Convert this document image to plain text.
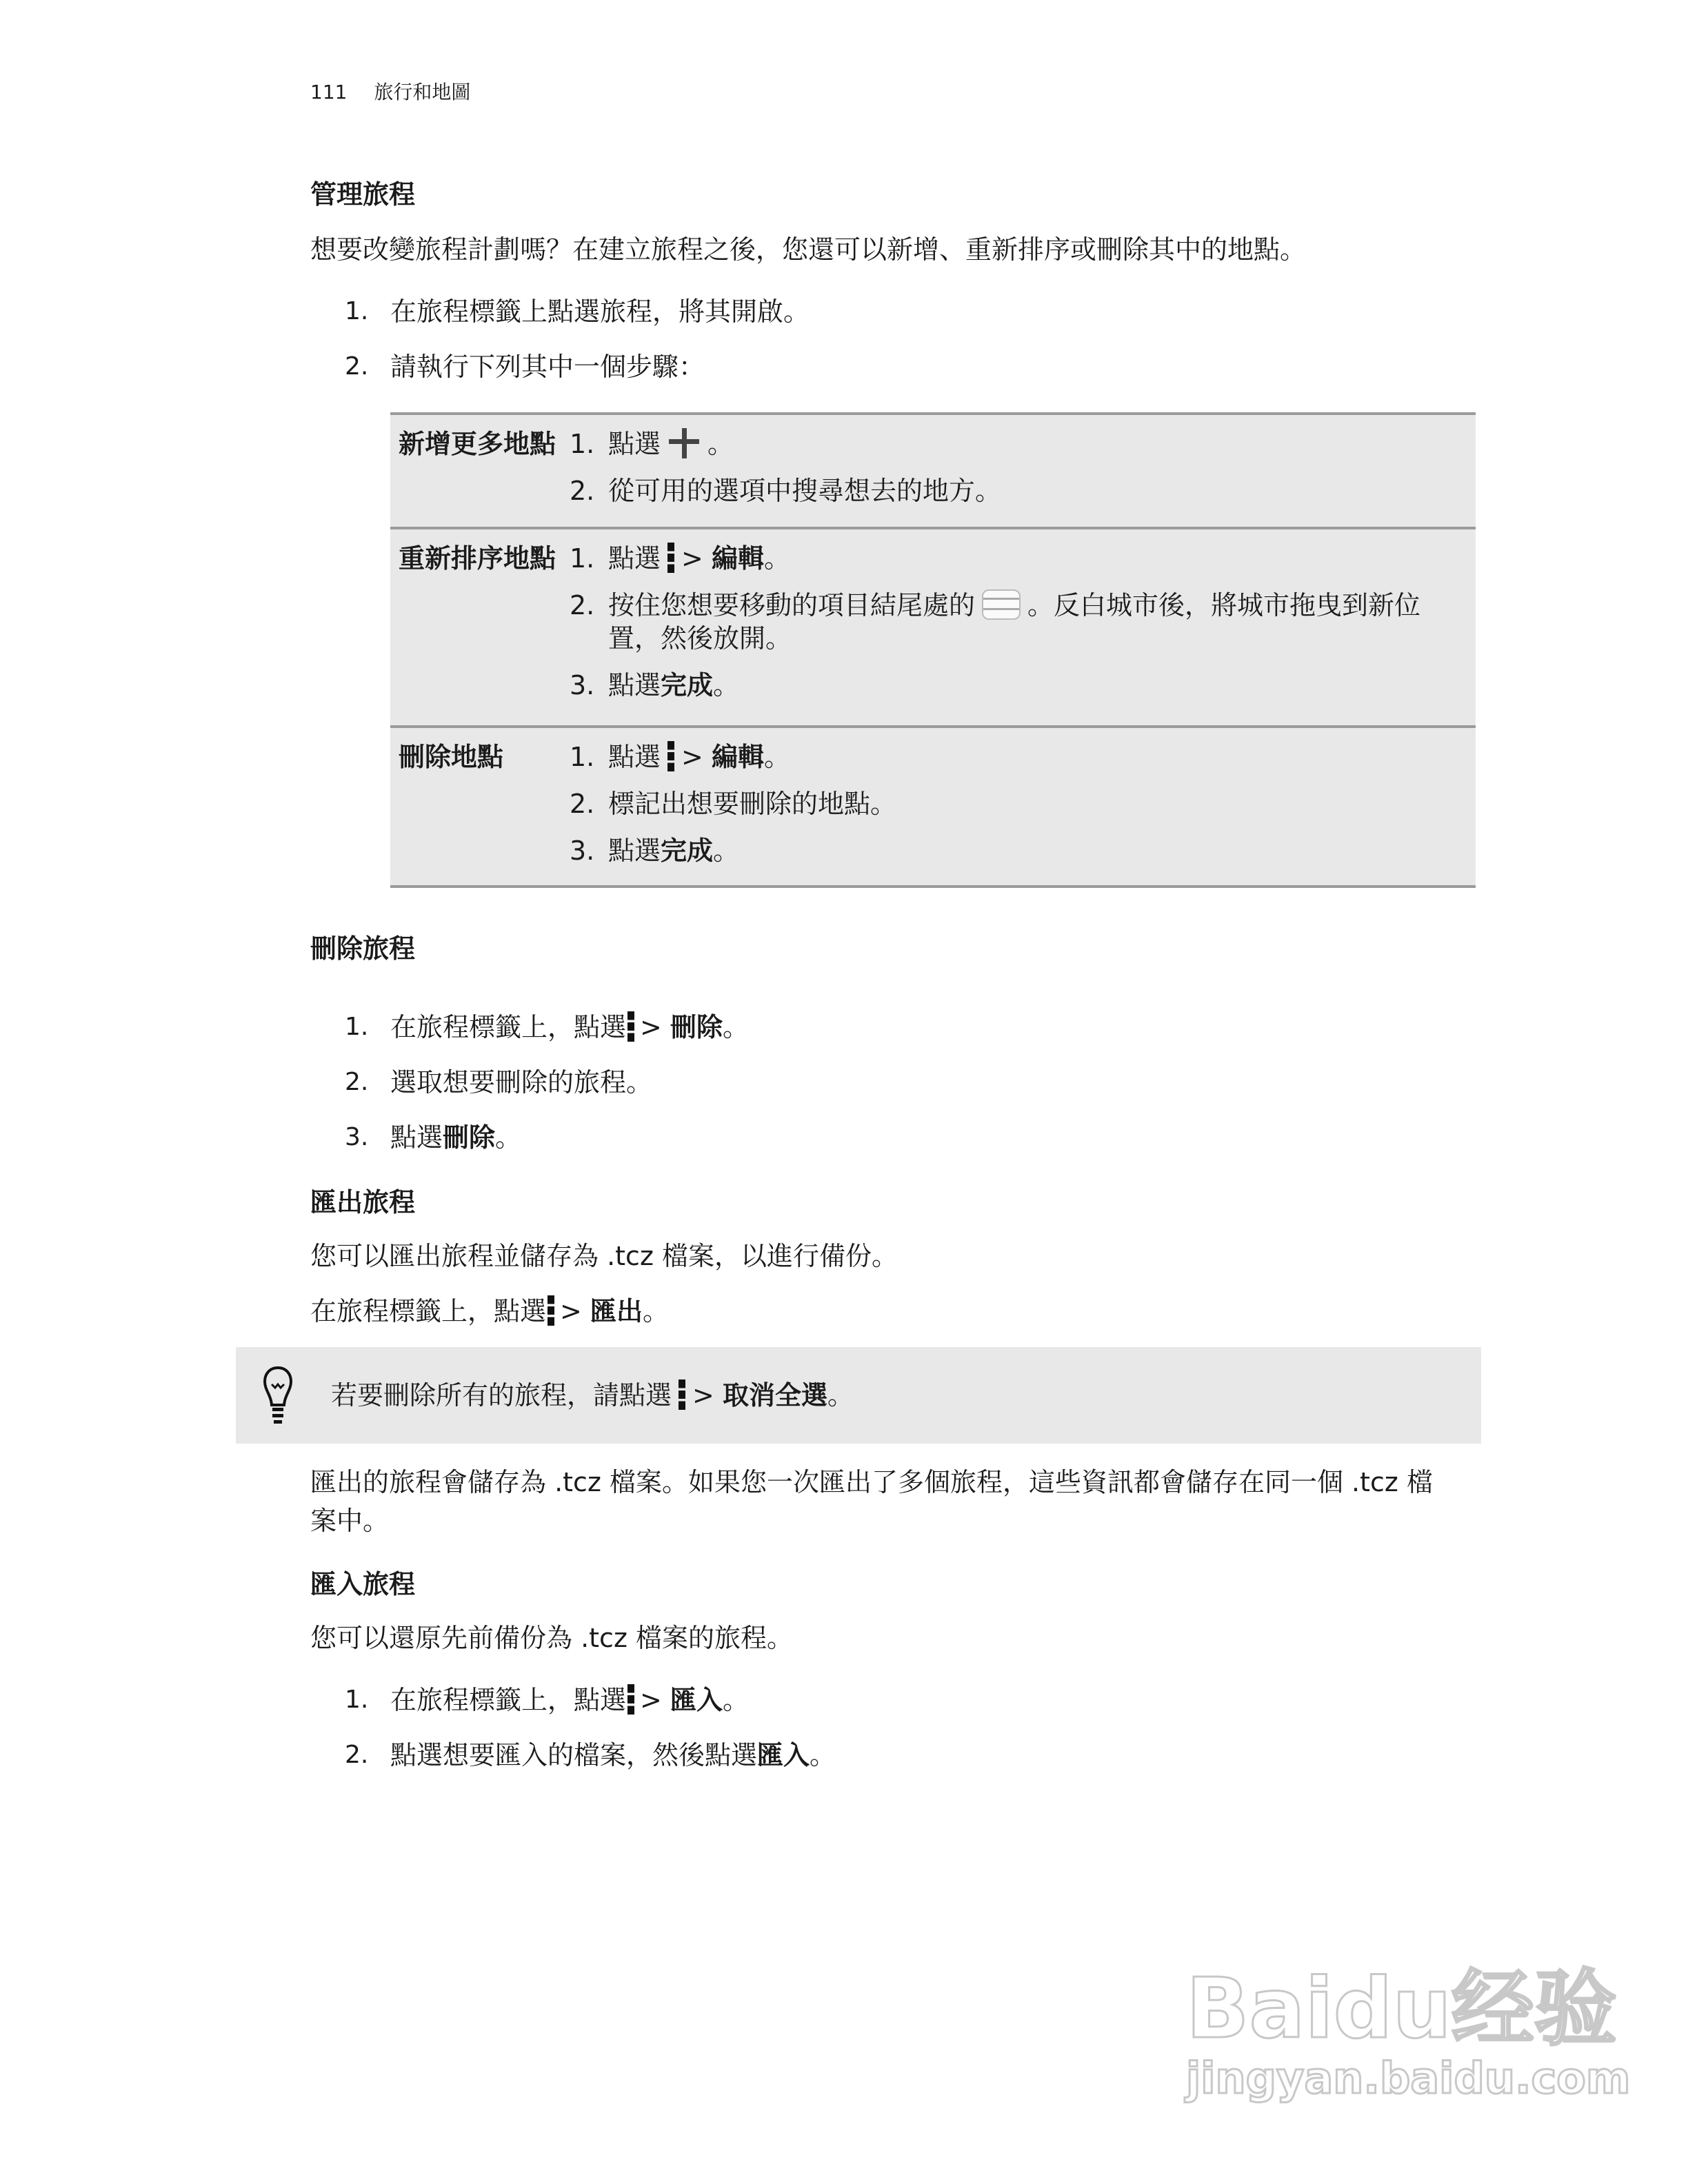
111 旅行和地圖
管理旅程
想要改變旅程計劃嗎？在建立旅程之後，您還可以新增、重新排序或刪除其中的地點。
1. 在旅程標籤上點選旅程，將其開啟。
2. 請執行下列其中一個步驟：
新增更多地點 1. 點選 。
2. 從可用的選項中搜尋想去的地方。
重新排序地點 1. 點選 > 編輯。
2. 按住您想要移動的項目結尾處的 。反白城市後，將城市拖曳到新位
置，然後放開。
3. 點選完成。
刪除地點	1. 點選 > 編輯。
2. 標記出想要刪除的地點。
3. 點選完成。
刪除旅程
1. 在旅程標籤上，點選 > 刪除。
2. 選取想要刪除的旅程。
3. 點選刪除。
匯出旅程
您可以匯出旅程並儲存為 .tcz 檔案，以進行備份。
在旅程標籤上，點選 > 匯出。
若要刪除所有的旅程，請點選 > 取消全選。
匯出的旅程會儲存為 .tcz 檔案。如果您一次匯出了多個旅程，這些資訊都會儲存在同一個 .tcz 檔
案中。
匯入旅程
您可以還原先前備份為 .tcz 檔案的旅程。
1. 在旅程標籤上，點選 > 匯入。
2. 點選想要匯入的檔案，然後點選匯入。
Baidu经验
jingyan.baidu.com
